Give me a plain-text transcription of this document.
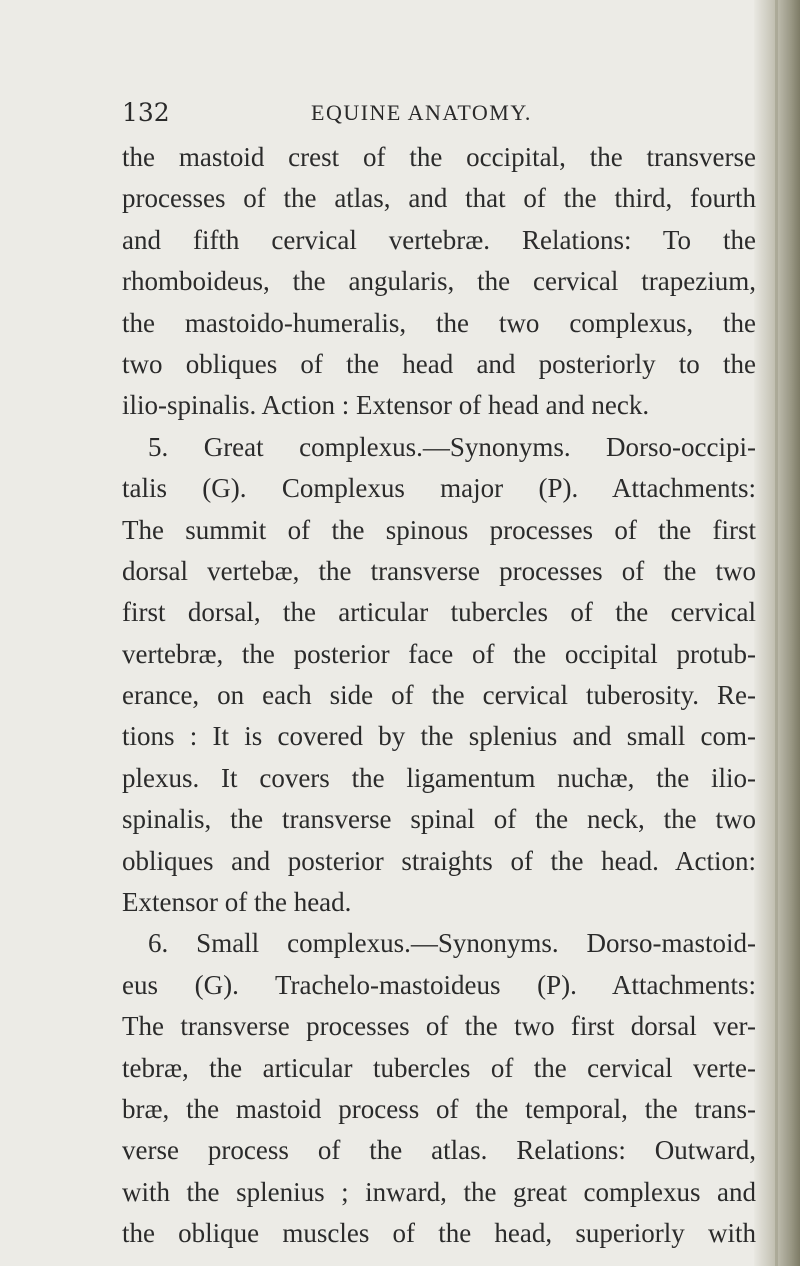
132	EQUINE ANATOMY.
the mastoid crest of the occipital, the transverse
processes of the atlas, and that of the third, fourth
and fifth cervical vertebræ. Relations: To the
rhomboideus, the angularis, the cervical trapezium,
the mastoido-humeralis, the two complexus, the
two obliques of the head and posteriorly to the
ilio-spinalis. Action : Extensor of head and neck.
5. Great complexus.—Synonyms. Dorso-occipi-
talis (G). Complexus major (P). Attachments:
The summit of the spinous processes of the first
dorsal vertebæ, the transverse processes of the two
first dorsal, the articular tubercles of the cervical
vertebræ, the posterior face of the occipital protub-
erance, on each side of the cervical tuberosity. Re-
tions : It is covered by the splenius and small com-
plexus. It covers the ligamentum nuchæ, the ilio-
spinalis, the transverse spinal of the neck, the two
obliques and posterior straights of the head. Action:
Extensor of the head.
6. Small complexus.—Synonyms. Dorso-mastoid-
eus (G). Trachelo-mastoideus (P). Attachments:
The transverse processes of the two first dorsal ver-
tebræ, the articular tubercles of the cervical verte-
bræ, the mastoid process of the temporal, the trans-
verse process of the atlas. Relations: Outward,
with the splenius ; inward, the great complexus and
the oblique muscles of the head, superiorly with
